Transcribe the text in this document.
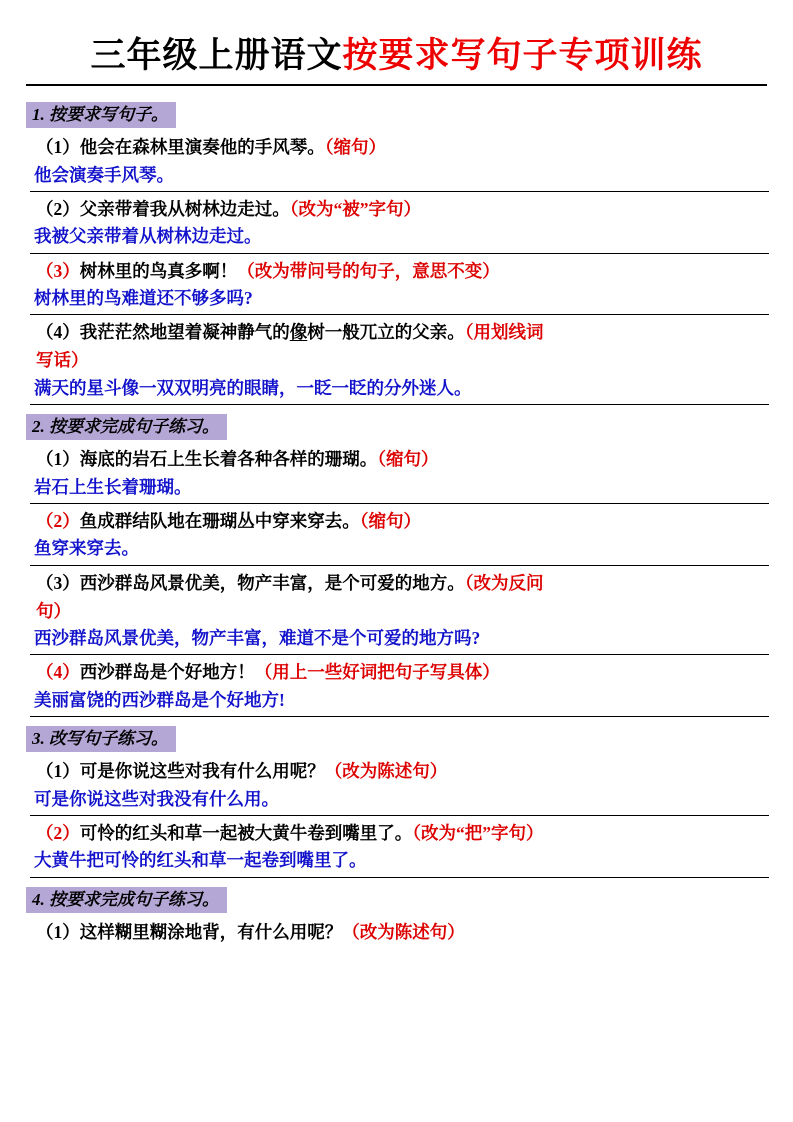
三年级上册语文按要求写句子专项训练
1. 按要求写句子。
（1）他会在森林里演奏他的手风琴。（缩句）
他会演奏手风琴。
（2）父亲带着我从树林边走过。（改为“被”字句）
我被父亲带着从树林边走过。
（3）树林里的鸟真多啊！（改为带问号的句子，意思不变）
树林里的鸟难道还不够多吗?
（4）我茫茫然地望着凝神静气的像树一般兀立的父亲。（用划线词
写话）
满天的星斗像一双双明亮的眼睛，一眨一眨的分外迷人。
2. 按要求完成句子练习。
（1）海底的岩石上生长着各种各样的珊瑚。（缩句）
岩石上生长着珊瑚。
（2）鱼成群结队地在珊瑚丛中穿来穿去。（缩句）
鱼穿来穿去。
（3）西沙群岛风景优美，物产丰富，是个可爱的地方。（改为反问
句）
西沙群岛风景优美，物产丰富，难道不是个可爱的地方吗?
（4）西沙群岛是个好地方！（用上一些好词把句子写具体）
美丽富饶的西沙群岛是个好地方!
3. 改写句子练习。
（1）可是你说这些对我有什么用呢？（改为陈述句）
可是你说这些对我没有什么用。
（2）可怜的红头和草一起被大黄牛卷到嘴里了。（改为“把”字句）
大黄牛把可怜的红头和草一起卷到嘴里了。
4. 按要求完成句子练习。
（1）这样糊里糊涂地背，有什么用呢？（改为陈述句）
